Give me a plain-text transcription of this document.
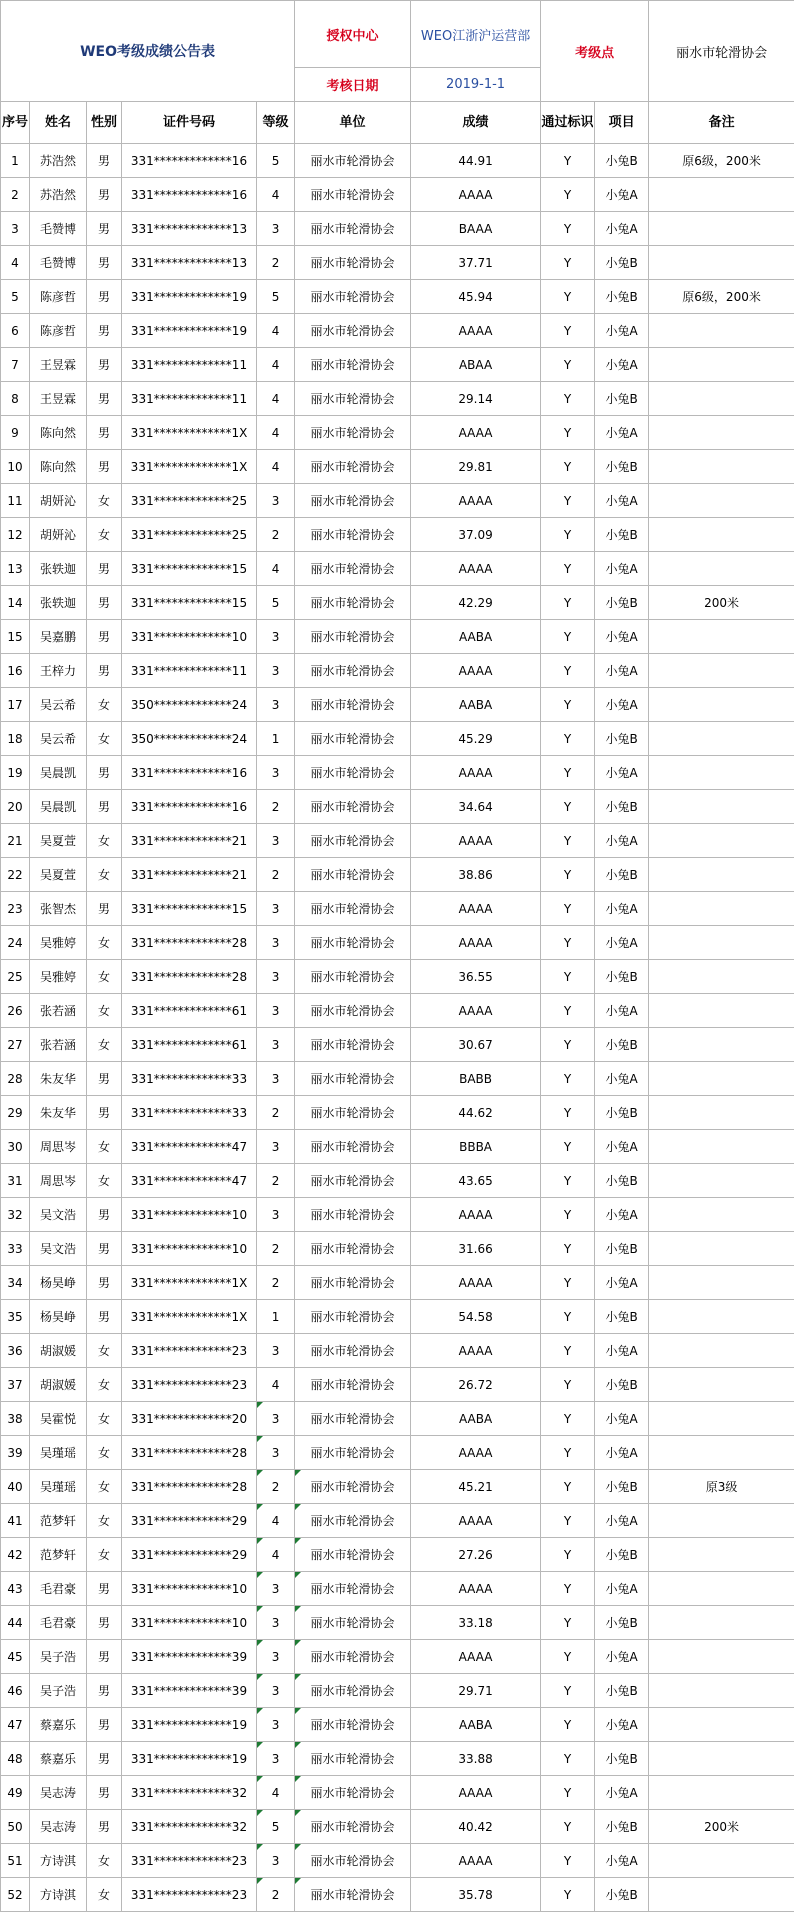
WEO考级成绩公告表					授权中心	WEO江浙沪运营部	考级点		丽水市轮滑协会
					考核日期	2019-1-1			
序号	姓名	性别	证件号码	等级	单位	成绩	通过标识	项目	备注
1	苏浩然	男	331*************16	5	丽水市轮滑协会	44.91	Y	小兔B	原6级，200米
2	苏浩然	男	331*************16	4	丽水市轮滑协会	AAAA	Y	小兔A	
3	毛赞博	男	331*************13	3	丽水市轮滑协会	BAAA	Y	小兔A	
4	毛赞博	男	331*************13	2	丽水市轮滑协会	37.71	Y	小兔B	
5	陈彦哲	男	331*************19	5	丽水市轮滑协会	45.94	Y	小兔B	原6级，200米
6	陈彦哲	男	331*************19	4	丽水市轮滑协会	AAAA	Y	小兔A	
7	王昱霖	男	331*************11	4	丽水市轮滑协会	ABAA	Y	小兔A	
8	王昱霖	男	331*************11	4	丽水市轮滑协会	29.14	Y	小兔B	
9	陈向然	男	331*************1X	4	丽水市轮滑协会	AAAA	Y	小兔A	
10	陈向然	男	331*************1X	4	丽水市轮滑协会	29.81	Y	小兔B	
11	胡妍沁	女	331*************25	3	丽水市轮滑协会	AAAA	Y	小兔A	
12	胡妍沁	女	331*************25	2	丽水市轮滑协会	37.09	Y	小兔B	
13	张轶迦	男	331*************15	4	丽水市轮滑协会	AAAA	Y	小兔A	
14	张轶迦	男	331*************15	5	丽水市轮滑协会	42.29	Y	小兔B	200米
15	吴嘉鹏	男	331*************10	3	丽水市轮滑协会	AABA	Y	小兔A	
16	王梓力	男	331*************11	3	丽水市轮滑协会	AAAA	Y	小兔A	
17	吴云希	女	350*************24	3	丽水市轮滑协会	AABA	Y	小兔A	
18	吴云希	女	350*************24	1	丽水市轮滑协会	45.29	Y	小兔B	
19	吴晨凯	男	331*************16	3	丽水市轮滑协会	AAAA	Y	小兔A	
20	吴晨凯	男	331*************16	2	丽水市轮滑协会	34.64	Y	小兔B	
21	吴夏萱	女	331*************21	3	丽水市轮滑协会	AAAA	Y	小兔A	
22	吴夏萱	女	331*************21	2	丽水市轮滑协会	38.86	Y	小兔B	
23	张智杰	男	331*************15	3	丽水市轮滑协会	AAAA	Y	小兔A	
24	吴雅婷	女	331*************28	3	丽水市轮滑协会	AAAA	Y	小兔A	
25	吴雅婷	女	331*************28	3	丽水市轮滑协会	36.55	Y	小兔B	
26	张若涵	女	331*************61	3	丽水市轮滑协会	AAAA	Y	小兔A	
27	张若涵	女	331*************61	3	丽水市轮滑协会	30.67	Y	小兔B	
28	朱友华	男	331*************33	3	丽水市轮滑协会	BABB	Y	小兔A	
29	朱友华	男	331*************33	2	丽水市轮滑协会	44.62	Y	小兔B	
30	周思岑	女	331*************47	3	丽水市轮滑协会	BBBA	Y	小兔A	
31	周思岑	女	331*************47	2	丽水市轮滑协会	43.65	Y	小兔B	
32	吴文浩	男	331*************10	3	丽水市轮滑协会	AAAA	Y	小兔A	
33	吴文浩	男	331*************10	2	丽水市轮滑协会	31.66	Y	小兔B	
34	杨昊峥	男	331*************1X	2	丽水市轮滑协会	AAAA	Y	小兔A	
35	杨昊峥	男	331*************1X	1	丽水市轮滑协会	54.58	Y	小兔B	
36	胡淑媛	女	331*************23	3	丽水市轮滑协会	AAAA	Y	小兔A	
37	胡淑媛	女	331*************23	4	丽水市轮滑协会	26.72	Y	小兔B	
38	吴霍悦	女	331*************20	3	丽水市轮滑协会	AABA	Y	小兔A	
39	吴瑾瑶	女	331*************28	3	丽水市轮滑协会	AAAA	Y	小兔A	
40	吴瑾瑶	女	331*************28	2	丽水市轮滑协会	45.21	Y	小兔B	原3级
41	范梦轩	女	331*************29	4	丽水市轮滑协会	AAAA	Y	小兔A	
42	范梦轩	女	331*************29	4	丽水市轮滑协会	27.26	Y	小兔B	
43	毛君豪	男	331*************10	3	丽水市轮滑协会	AAAA	Y	小兔A	
44	毛君豪	男	331*************10	3	丽水市轮滑协会	33.18	Y	小兔B	
45	吴子浩	男	331*************39	3	丽水市轮滑协会	AAAA	Y	小兔A	
46	吴子浩	男	331*************39	3	丽水市轮滑协会	29.71	Y	小兔B	
47	蔡嘉乐	男	331*************19	3	丽水市轮滑协会	AABA	Y	小兔A	
48	蔡嘉乐	男	331*************19	3	丽水市轮滑协会	33.88	Y	小兔B	
49	吴志涛	男	331*************32	4	丽水市轮滑协会	AAAA	Y	小兔A	
50	吴志涛	男	331*************32	5	丽水市轮滑协会	40.42	Y	小兔B	200米
51	方诗淇	女	331*************23	3	丽水市轮滑协会	AAAA	Y	小兔A	
52	方诗淇	女	331*************23	2	丽水市轮滑协会	35.78	Y	小兔B	
